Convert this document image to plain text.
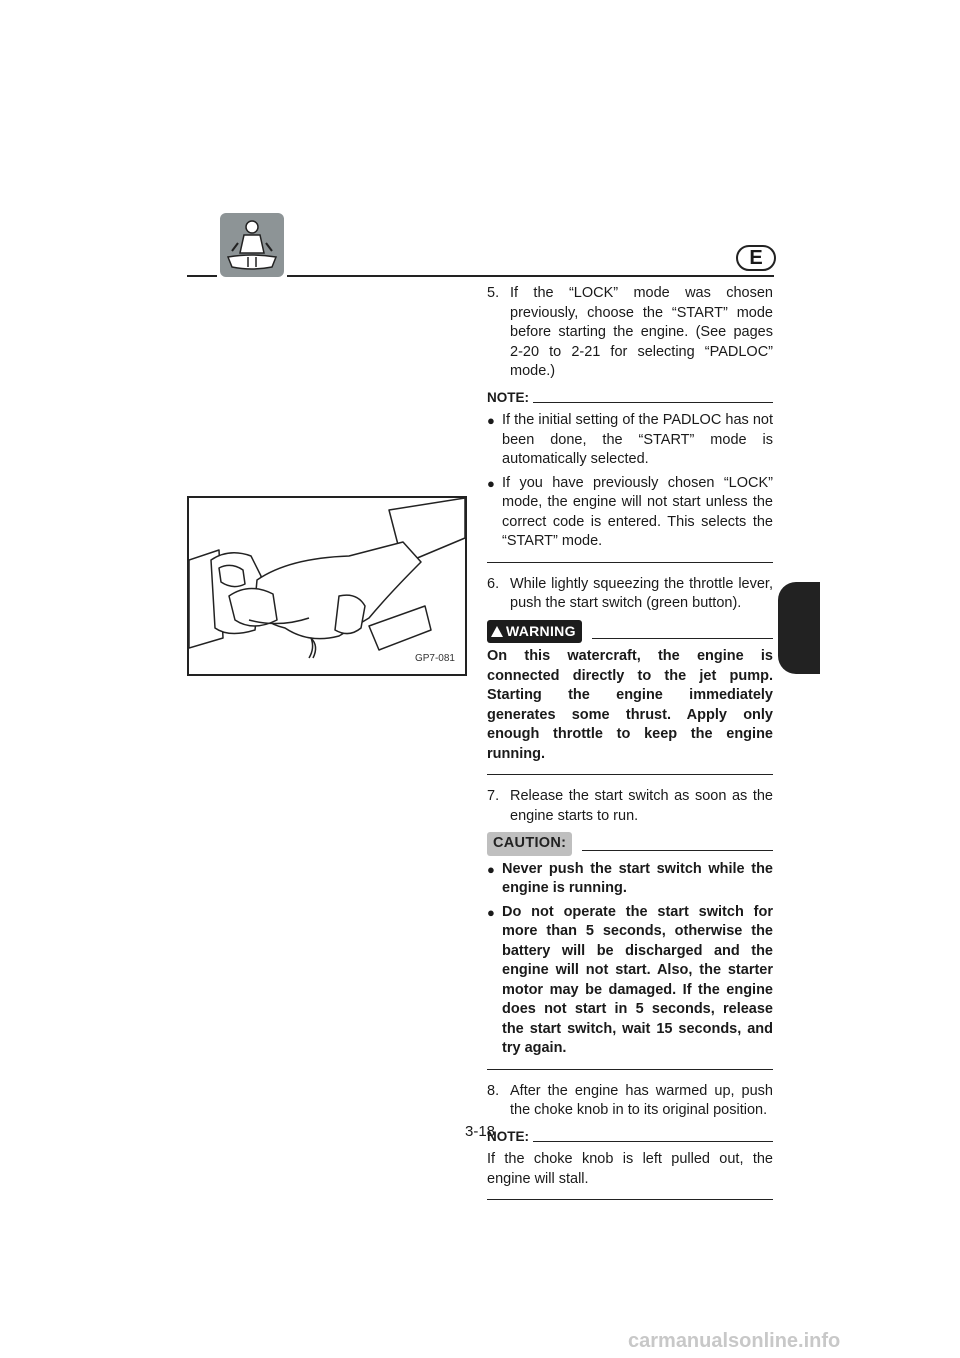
E
GP7-081
5. If the “LOCK” mode was chosen previously, choose the “START” mode before starting the engine. (See pages 2-20 to 2-21 for selecting “PADLOC” mode.)
NOTE:
● If the initial setting of the PADLOC has not been done, the “START” mode is automatically selected.
● If you have previously chosen “LOCK” mode, the engine will not start unless the correct code is entered. This selects the “START” mode.
6. While lightly squeezing the throttle lever, push the start switch (green button).
WARNING
On this watercraft, the engine is connected directly to the jet pump. Starting the engine immediately generates some thrust. Apply only enough throttle to keep the engine running.
7. Release the start switch as soon as the engine starts to run.
CAUTION:
● Never push the start switch while the engine is running.
● Do not operate the start switch for more than 5 seconds, otherwise the battery will be discharged and the engine will not start. Also, the starter motor may be damaged. If the engine does not start in 5 seconds, release the start switch, wait 15 seconds, and try again.
8. After the engine has warmed up, push the choke knob in to its original position.
NOTE:
If the choke knob is left pulled out, the engine will stall.
3-18
carmanualsonline.info
